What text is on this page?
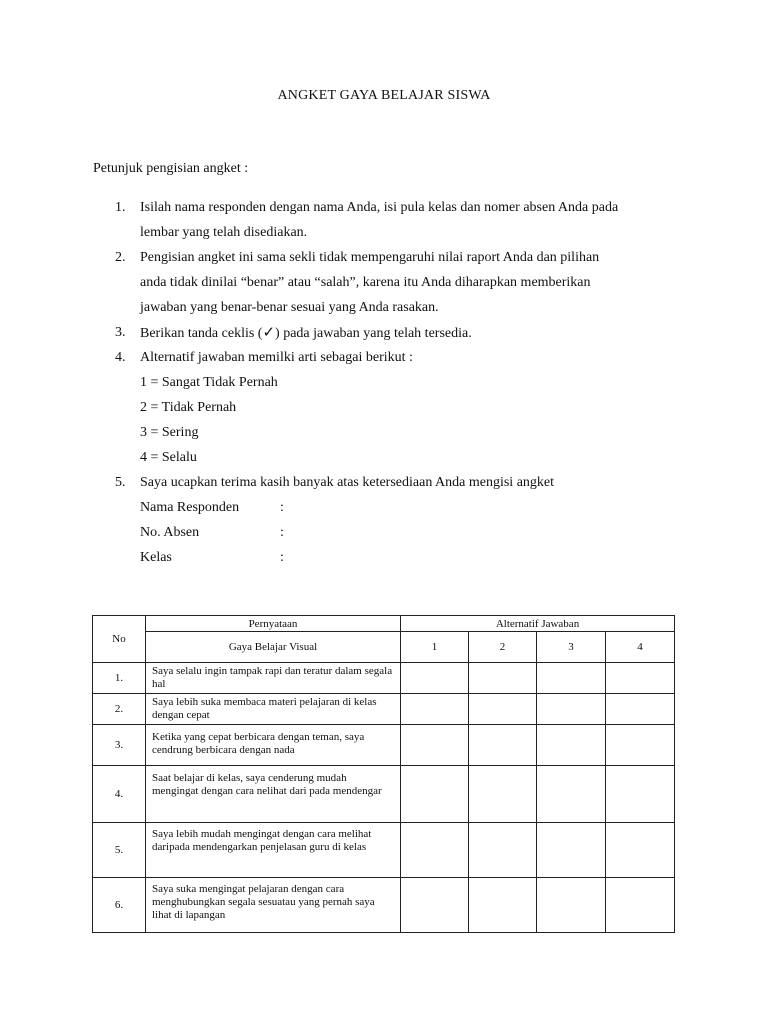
ANGKET GAYA BELAJAR SISWA
Petunjuk pengisian angket :
1. Isilah nama responden dengan nama Anda, isi pula kelas dan nomer absen Anda pada
lembar yang telah disediakan.
2. Pengisian angket ini sama sekli tidak mempengaruhi nilai raport Anda dan pilihan
anda tidak dinilai “benar” atau “salah”, karena itu Anda diharapkan memberikan
jawaban yang benar-benar sesuai yang Anda rasakan.
3. Berikan tanda ceklis (✓) pada jawaban yang telah tersedia.
4. Alternatif jawaban memilki arti sebagai berikut :
1 = Sangat Tidak Pernah
2 = Tidak Pernah
3 = Sering
4 = Selalu
5. Saya ucapkan terima kasih banyak atas ketersediaan Anda mengisi angket
Nama Responden	:
No. Absen	:
Kelas	:
No	Pernyataan	Alternatif Jawaban			
	Gaya Belajar Visual	1	2	3	4
1.	Saya selalu ingin tampak rapi dan teratur dalam segala hal				
2.	Saya lebih suka membaca materi pelajaran di kelas dengan cepat				
3.	Ketika yang cepat berbicara dengan teman, saya cendrung berbicara dengan nada				
4.	Saat belajar di kelas, saya cenderung mudah mengingat dengan cara nelihat dari pada mendengar				
5.	Saya lebih mudah mengingat dengan cara melihat daripada mendengarkan penjelasan guru di kelas				
6.	Saya suka mengingat pelajaran dengan cara menghubungkan segala sesuatau yang pernah saya lihat di lapangan				
